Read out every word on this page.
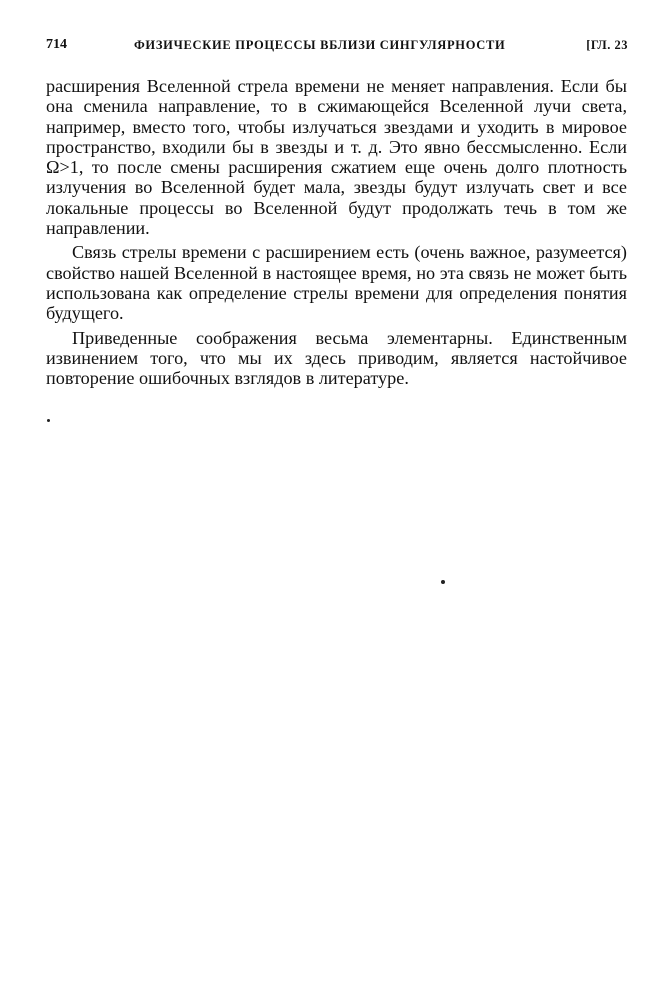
714	ФИЗИЧЕСКИЕ ПРОЦЕССЫ ВБЛИЗИ СИНГУЛЯРНОСТИ	[ГЛ. 23

расширения Вселенной стрела времени не меняет направления. Если бы она сменила направление, то в сжимающейся Вселенной лучи света, например, вместо того, чтобы излучаться звездами и уходить в мировое пространство, входили бы в звезды и т. д. Это явно бессмысленно. Если Ω>1, то после смены расширения сжатием еще очень долго плотность излучения во Вселенной будет мала, звезды будут излучать свет и все локальные процессы во Вселенной будут продолжать течь в том же направлении.

Связь стрелы времени с расширением есть (очень важное, разумеется) свойство нашей Вселенной в настоящее время, но эта связь не может быть использована как определение стрелы времени для определения понятия будущего.

Приведенные соображения весьма элементарны. Единственным извинением того, что мы их здесь приводим, является настойчивое повторение ошибочных взглядов в литературе.
